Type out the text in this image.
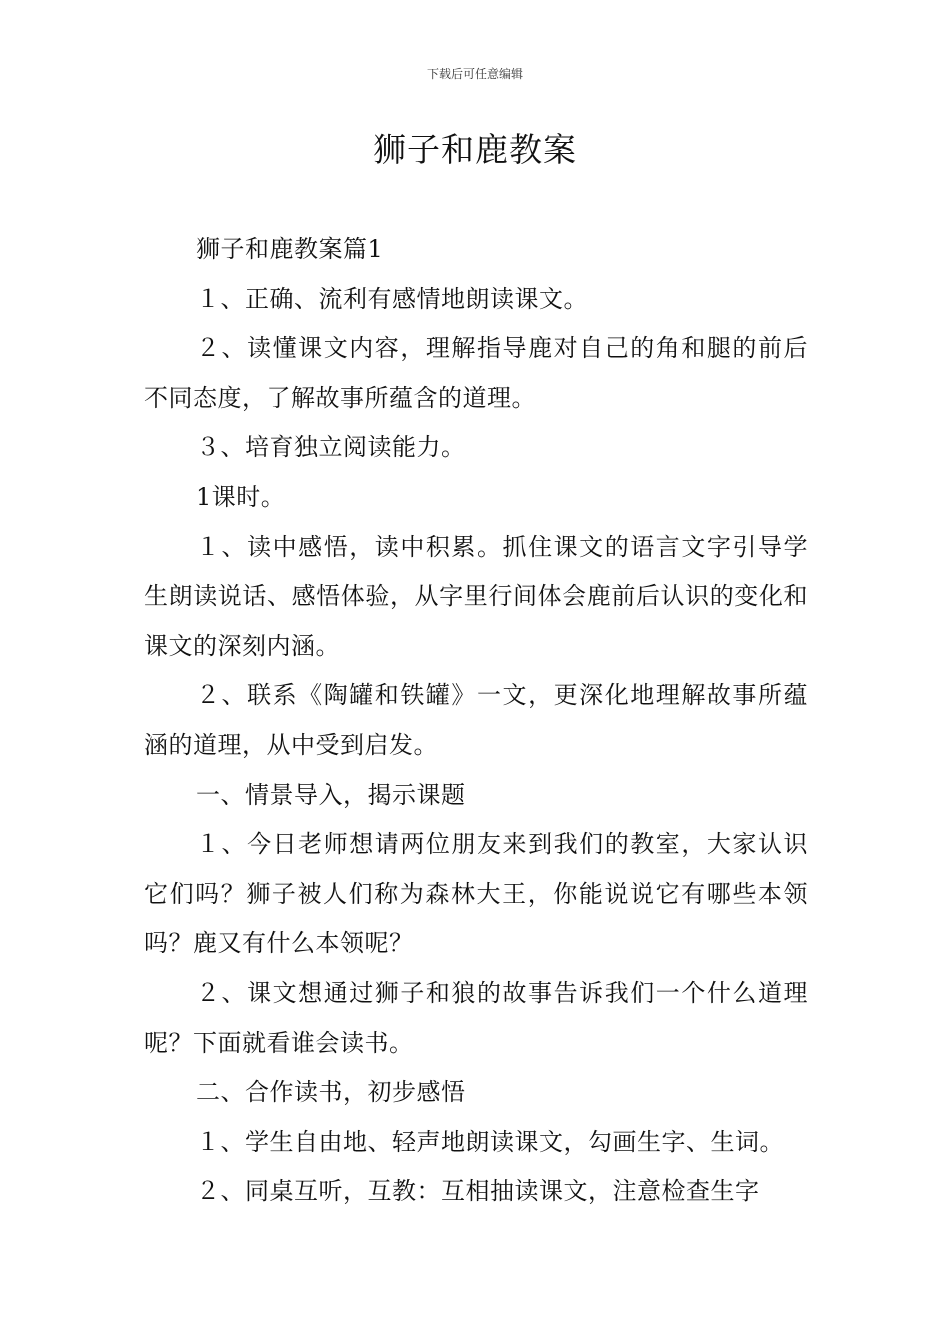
下载后可任意编辑
狮子和鹿教案

狮子和鹿教案篇1

１、正确、流利有感情地朗读课文。

２、读懂课文内容，理解指导鹿对自己的角和腿的前后不同态度，了解故事所蕴含的道理。

３、培育独立阅读能力。

1课时。

１、读中感悟，读中积累。抓住课文的语言文字引导学生朗读说话、感悟体验，从字里行间体会鹿前后认识的变化和课文的深刻内涵。

２、联系《陶罐和铁罐》一文，更深化地理解故事所蕴涵的道理，从中受到启发。

一、情景导入，揭示课题

１、今日老师想请两位朋友来到我们的教室，大家认识它们吗？狮子被人们称为森林大王，你能说说它有哪些本领吗？鹿又有什么本领呢？

２、课文想通过狮子和狼的故事告诉我们一个什么道理呢？下面就看谁会读书。

二、合作读书，初步感悟

１、学生自由地、轻声地朗读课文，勾画生字、生词。

２、同桌互听，互教：互相抽读课文，注意检查生字
